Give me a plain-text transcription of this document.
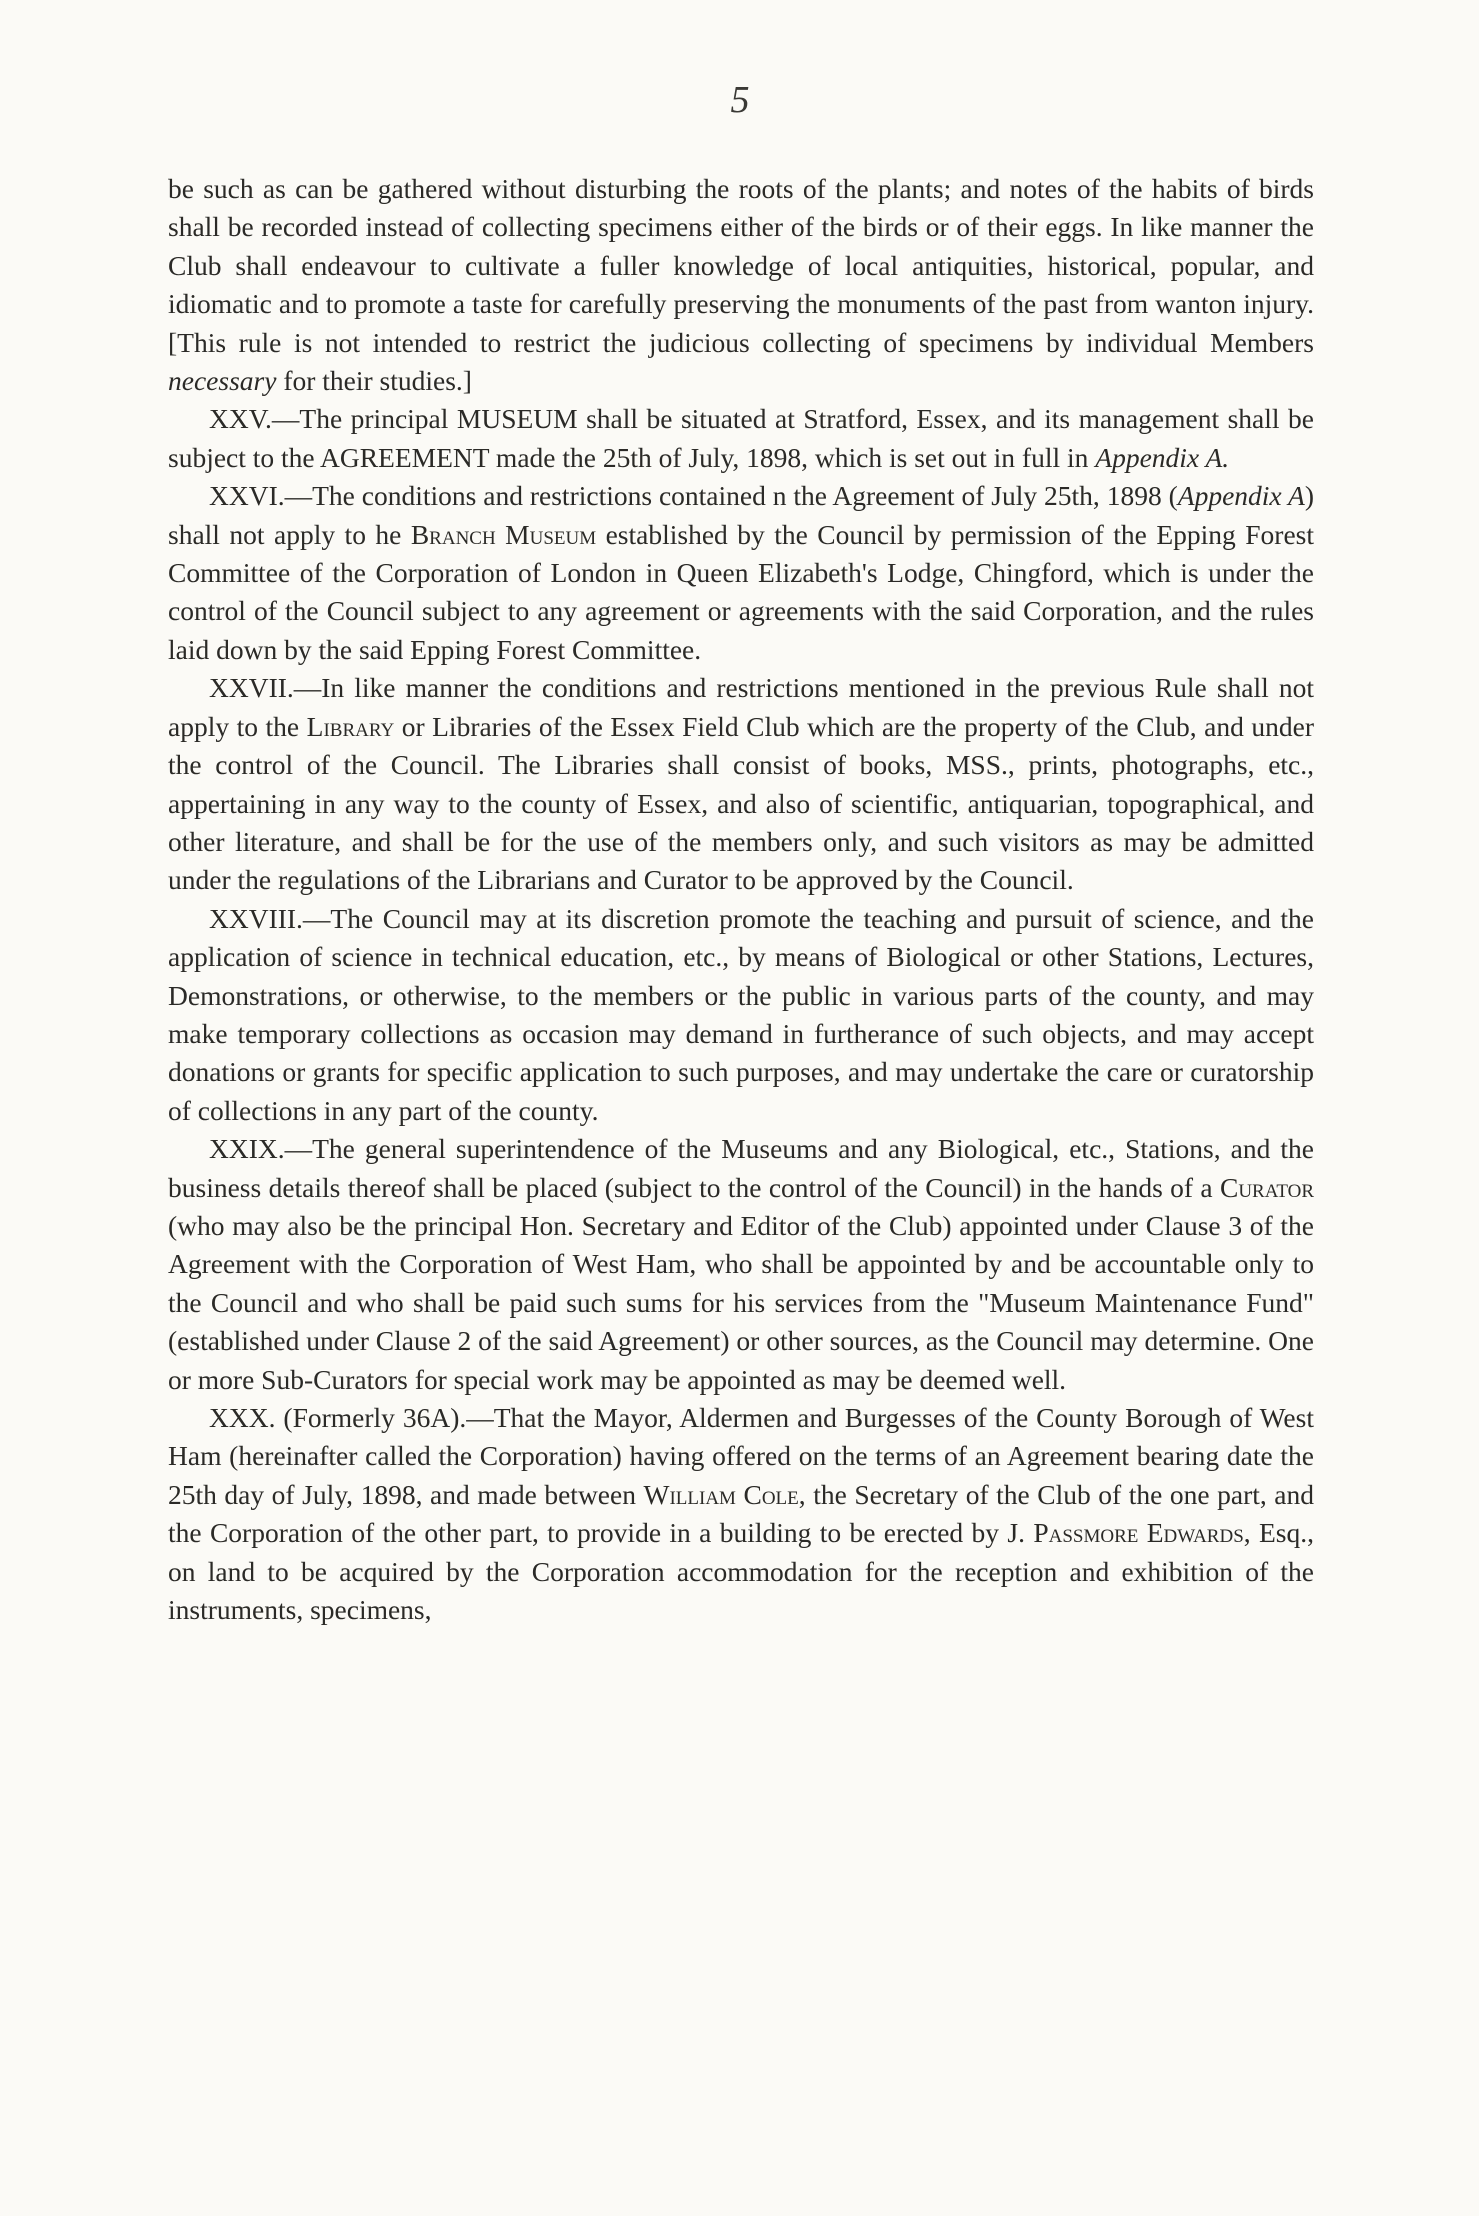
5

be such as can be gathered without disturbing the roots of the plants; and notes of the habits of birds shall be recorded instead of collecting specimens either of the birds or of their eggs. In like manner the Club shall endeavour to cultivate a fuller knowledge of local antiquities, historical, popular, and idiomatic and to promote a taste for carefully preserving the monuments of the past from wanton injury. [This rule is not intended to restrict the judicious collecting of specimens by individual Members necessary for their studies.]

XXV.—The principal MUSEUM shall be situated at Stratford, Essex, and its management shall be subject to the AGREEMENT made the 25th of July, 1898, which is set out in full in Appendix A.

XXVI.—The conditions and restrictions contained n the Agreement of July 25th, 1898 (Appendix A) shall not apply to he Branch Museum established by the Council by permission of the Epping Forest Committee of the Corporation of London in Queen Elizabeth's Lodge, Chingford, which is under the control of the Council subject to any agreement or agreements with the said Corporation, and the rules laid down by the said Epping Forest Committee.

XXVII.—In like manner the conditions and restrictions mentioned in the previous Rule shall not apply to the Library or Libraries of the Essex Field Club which are the property of the Club, and under the control of the Council. The Libraries shall consist of books, MSS., prints, photographs, etc., appertaining in any way to the county of Essex, and also of scientific, antiquarian, topographical, and other literature, and shall be for the use of the members only, and such visitors as may be admitted under the regulations of the Librarians and Curator to be approved by the Council.

XXVIII.—The Council may at its discretion promote the teaching and pursuit of science, and the application of science in technical education, etc., by means of Biological or other Stations, Lectures, Demonstrations, or otherwise, to the members or the public in various parts of the county, and may make temporary collections as occasion may demand in furtherance of such objects, and may accept donations or grants for specific application to such purposes, and may undertake the care or curatorship of collections in any part of the county.

XXIX.—The general superintendence of the Museums and any Biological, etc., Stations, and the business details thereof shall be placed (subject to the control of the Council) in the hands of a Curator (who may also be the principal Hon. Secretary and Editor of the Club) appointed under Clause 3 of the Agreement with the Corporation of West Ham, who shall be appointed by and be accountable only to the Council and who shall be paid such sums for his services from the "Museum Maintenance Fund" (established under Clause 2 of the said Agreement) or other sources, as the Council may determine. One or more Sub-Curators for special work may be appointed as may be deemed well.

XXX. (Formerly 36A).—That the Mayor, Aldermen and Burgesses of the County Borough of West Ham (hereinafter called the Corporation) having offered on the terms of an Agreement bearing date the 25th day of July, 1898, and made between William Cole, the Secretary of the Club of the one part, and the Corporation of the other part, to provide in a building to be erected by J. Passmore Edwards, Esq., on land to be acquired by the Corporation accommodation for the reception and exhibition of the instruments, specimens,
